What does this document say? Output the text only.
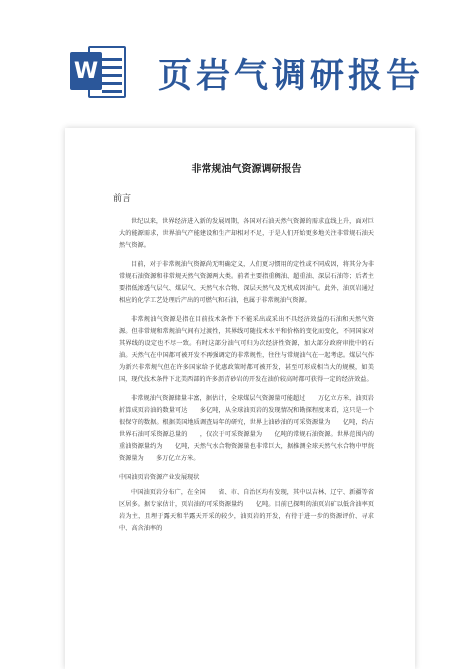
W 页岩气调研报告
非常规油气资源调研报告
前言

世纪以来，世界经济进入新的发展周期，各国对石油天然气资源的需求直线上升，面对巨大的能源需求，世界油气产能建设和生产却相对不足，于是人们开始更多地关注非常规石油天然气资源。

目前，对于非常规油气资源尚无明确定义，人们更习惯用的定性或不同成因，将其分为非常规石油资源和非常规天然气资源两大类。前者主要指重稠油、超重油、深层石油等；后者主要指低渗透气层气、煤层气、天然气水合物、深层天然气及无机成因油气。此外，油页岩通过相应的化学工艺处理后产出的可燃气和石油，也属于非常规油气资源。

非常规油气资源是指在目前技术条件下不能采出或采出不具经济效益的石油和天然气资源。但非常规和常规油气间有过渡性，其界线可随技术水平和价格的变化而变化，不同国家对其界线的设定也不尽一致。有时这部分油气可归为次经济性资源，加大部分政府审批中的石油。天然气在中国都可被开发不再强调定的非常规性，往往与常规油气在一起考虑。煤层气作为新兴非常规气但在许多国家给予优惠政策时都可被开发，甚至可形成相当大的规模，如美国，现代技术条件下北美西部的许多沥青砂岩的开发在油价较高时都可获得一定的经济效益。

非常规油气资源储量丰富，据估计，全球煤层气资源量可能超过　　万亿立方米，油页岩折算成页岩油的数量可达　　多亿吨，从全球油页岩的发现情况和勘探程度来看，这只是一个很保守的数据。根据美国地质调查局年的研究，世界上油砂油的可采资源量为　　亿吨，约占世界石油可采资源总量的　　，仅次于可采资源量为　　亿吨的常规石油资源。世界范围内的重油资源量约为　　亿吨，天然气水合物资源量也非常巨大，据推测全球天然气水合物中甲烷资源量为　　多万亿立方米。

中国油页岩资源产业发展现状

中国油页岩分布广，在全国　　省、市、自治区均有发现，其中以吉林、辽宁、新疆等省区居多。据专家估计，页岩油的可采资源量约　　亿吨。目前已探明的油页岩矿以低含油率页岩为主，且埋于露天和半露天开采的较少，油页岩的开发，有待于进一步的资源评价、寻求中、高含油率的
